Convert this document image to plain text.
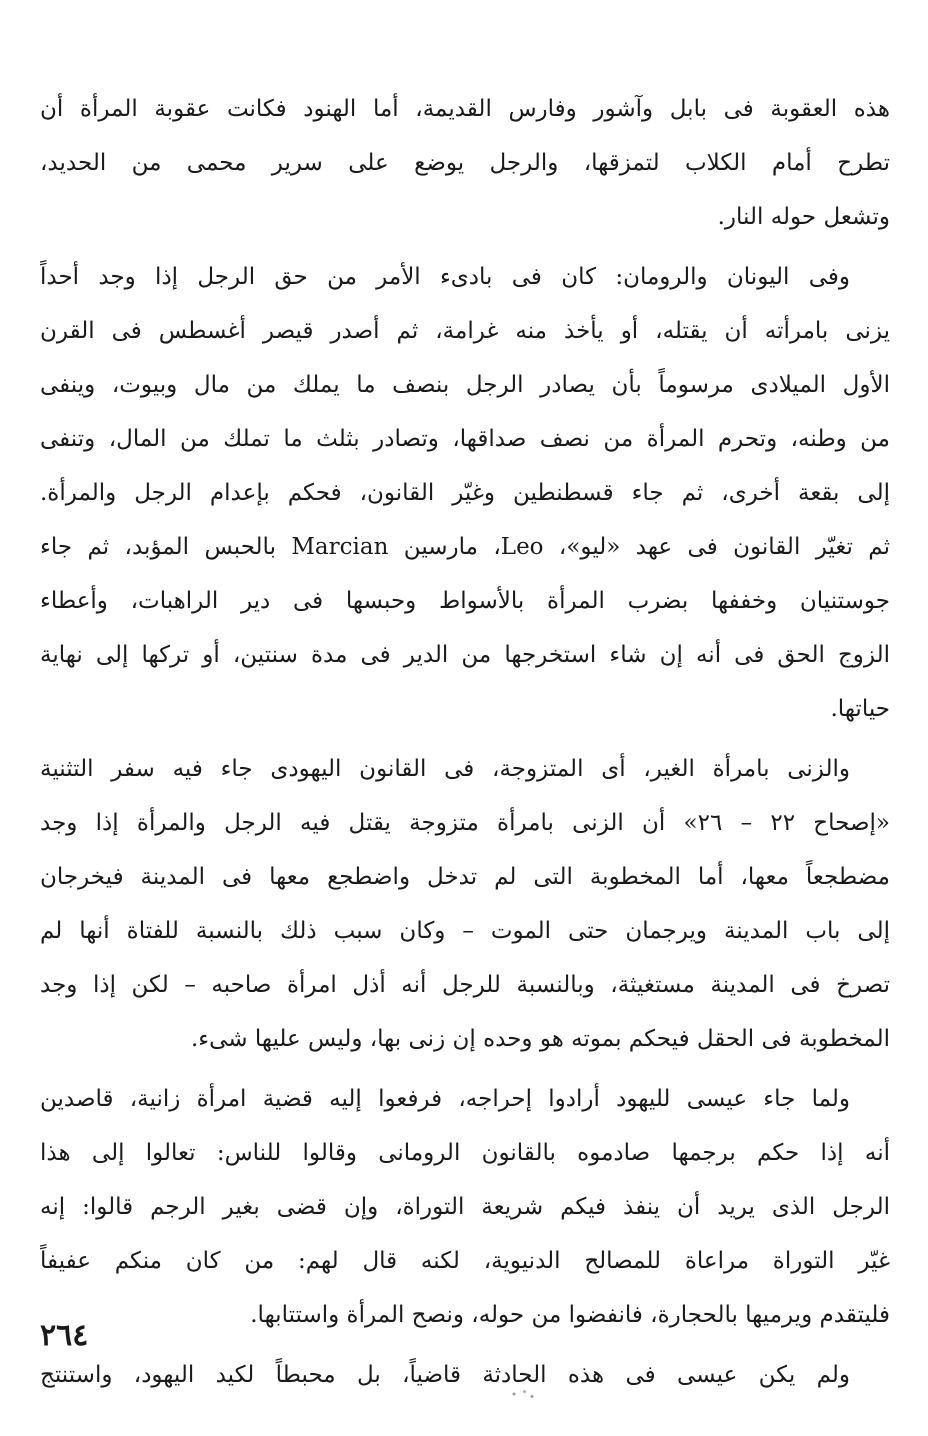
هذه العقوبة فى بابل وآشور وفارس القديمة، أما الهنود فكانت عقوبة المرأة أن
تطرح أمام الكلاب لتمزقها، والرجل يوضع على سرير محمى من الحديد،
وتشعل حوله النار.
وفى اليونان والرومان: كان فى بادىء الأمر من حق الرجل إذا وجد أحداً
يزنى بامرأته أن يقتله، أو يأخذ منه غرامة، ثم أصدر قيصر أغسطس فى القرن
الأول الميلادى مرسوماً بأن يصادر الرجل بنصف ما يملك من مال وبيوت، وينفى
من وطنه، وتحرم المرأة من نصف صداقها، وتصادر بثلث ما تملك من المال، وتنفى
إلى بقعة أخرى، ثم جاء قسطنطين وغيّر القانون، فحكم بإعدام الرجل والمرأة.
ثم تغيّر القانون فى عهد «ليو»، Leo، مارسين Marcian بالحبس المؤبد، ثم جاء
جوستنيان وخففها بضرب المرأة بالأسواط وحبسها فى دير الراهبات، وأعطاء
الزوج الحق فى أنه إن شاء استخرجها من الدير فى مدة سنتين، أو تركها إلى نهاية
حياتها.
والزنى بامرأة الغير، أى المتزوجة، فى القانون اليهودى جاء فيه سفر التثنية
«إصحاح ٢٢ – ٢٦» أن الزنى بامرأة متزوجة يقتل فيه الرجل والمرأة إذا وجد
مضطجعاً معها، أما المخطوبة التى لم تدخل واضطجع معها فى المدينة فيخرجان
إلى باب المدينة ويرجمان حتى الموت – وكان سبب ذلك بالنسبة للفتاة أنها لم
تصرخ فى المدينة مستغيثة، وبالنسبة للرجل أنه أذل امرأة صاحبه – لكن إذا وجد
المخطوبة فى الحقل فيحكم بموته هو وحده إن زنى بها، وليس عليها شىء.
ولما جاء عيسى لليهود أرادوا إحراجه، فرفعوا إليه قضية امرأة زانية، قاصدين
أنه إذا حكم برجمها صادموه بالقانون الرومانى وقالوا للناس: تعالوا إلى هذا
الرجل الذى يريد أن ينفذ فيكم شريعة التوراة، وإن قضى بغير الرجم قالوا: إنه
غيّر التوراة مراعاة للمصالح الدنيوية، لكنه قال لهم: من كان منكم عفيفاً
فليتقدم ويرميها بالحجارة، فانفضوا من حوله، ونصح المرأة واستتابها.
ولم يكن عيسى فى هذه الحادثة قاضياً، بل محبطاً لكيد اليهود، واستنتج
٢٦٤
